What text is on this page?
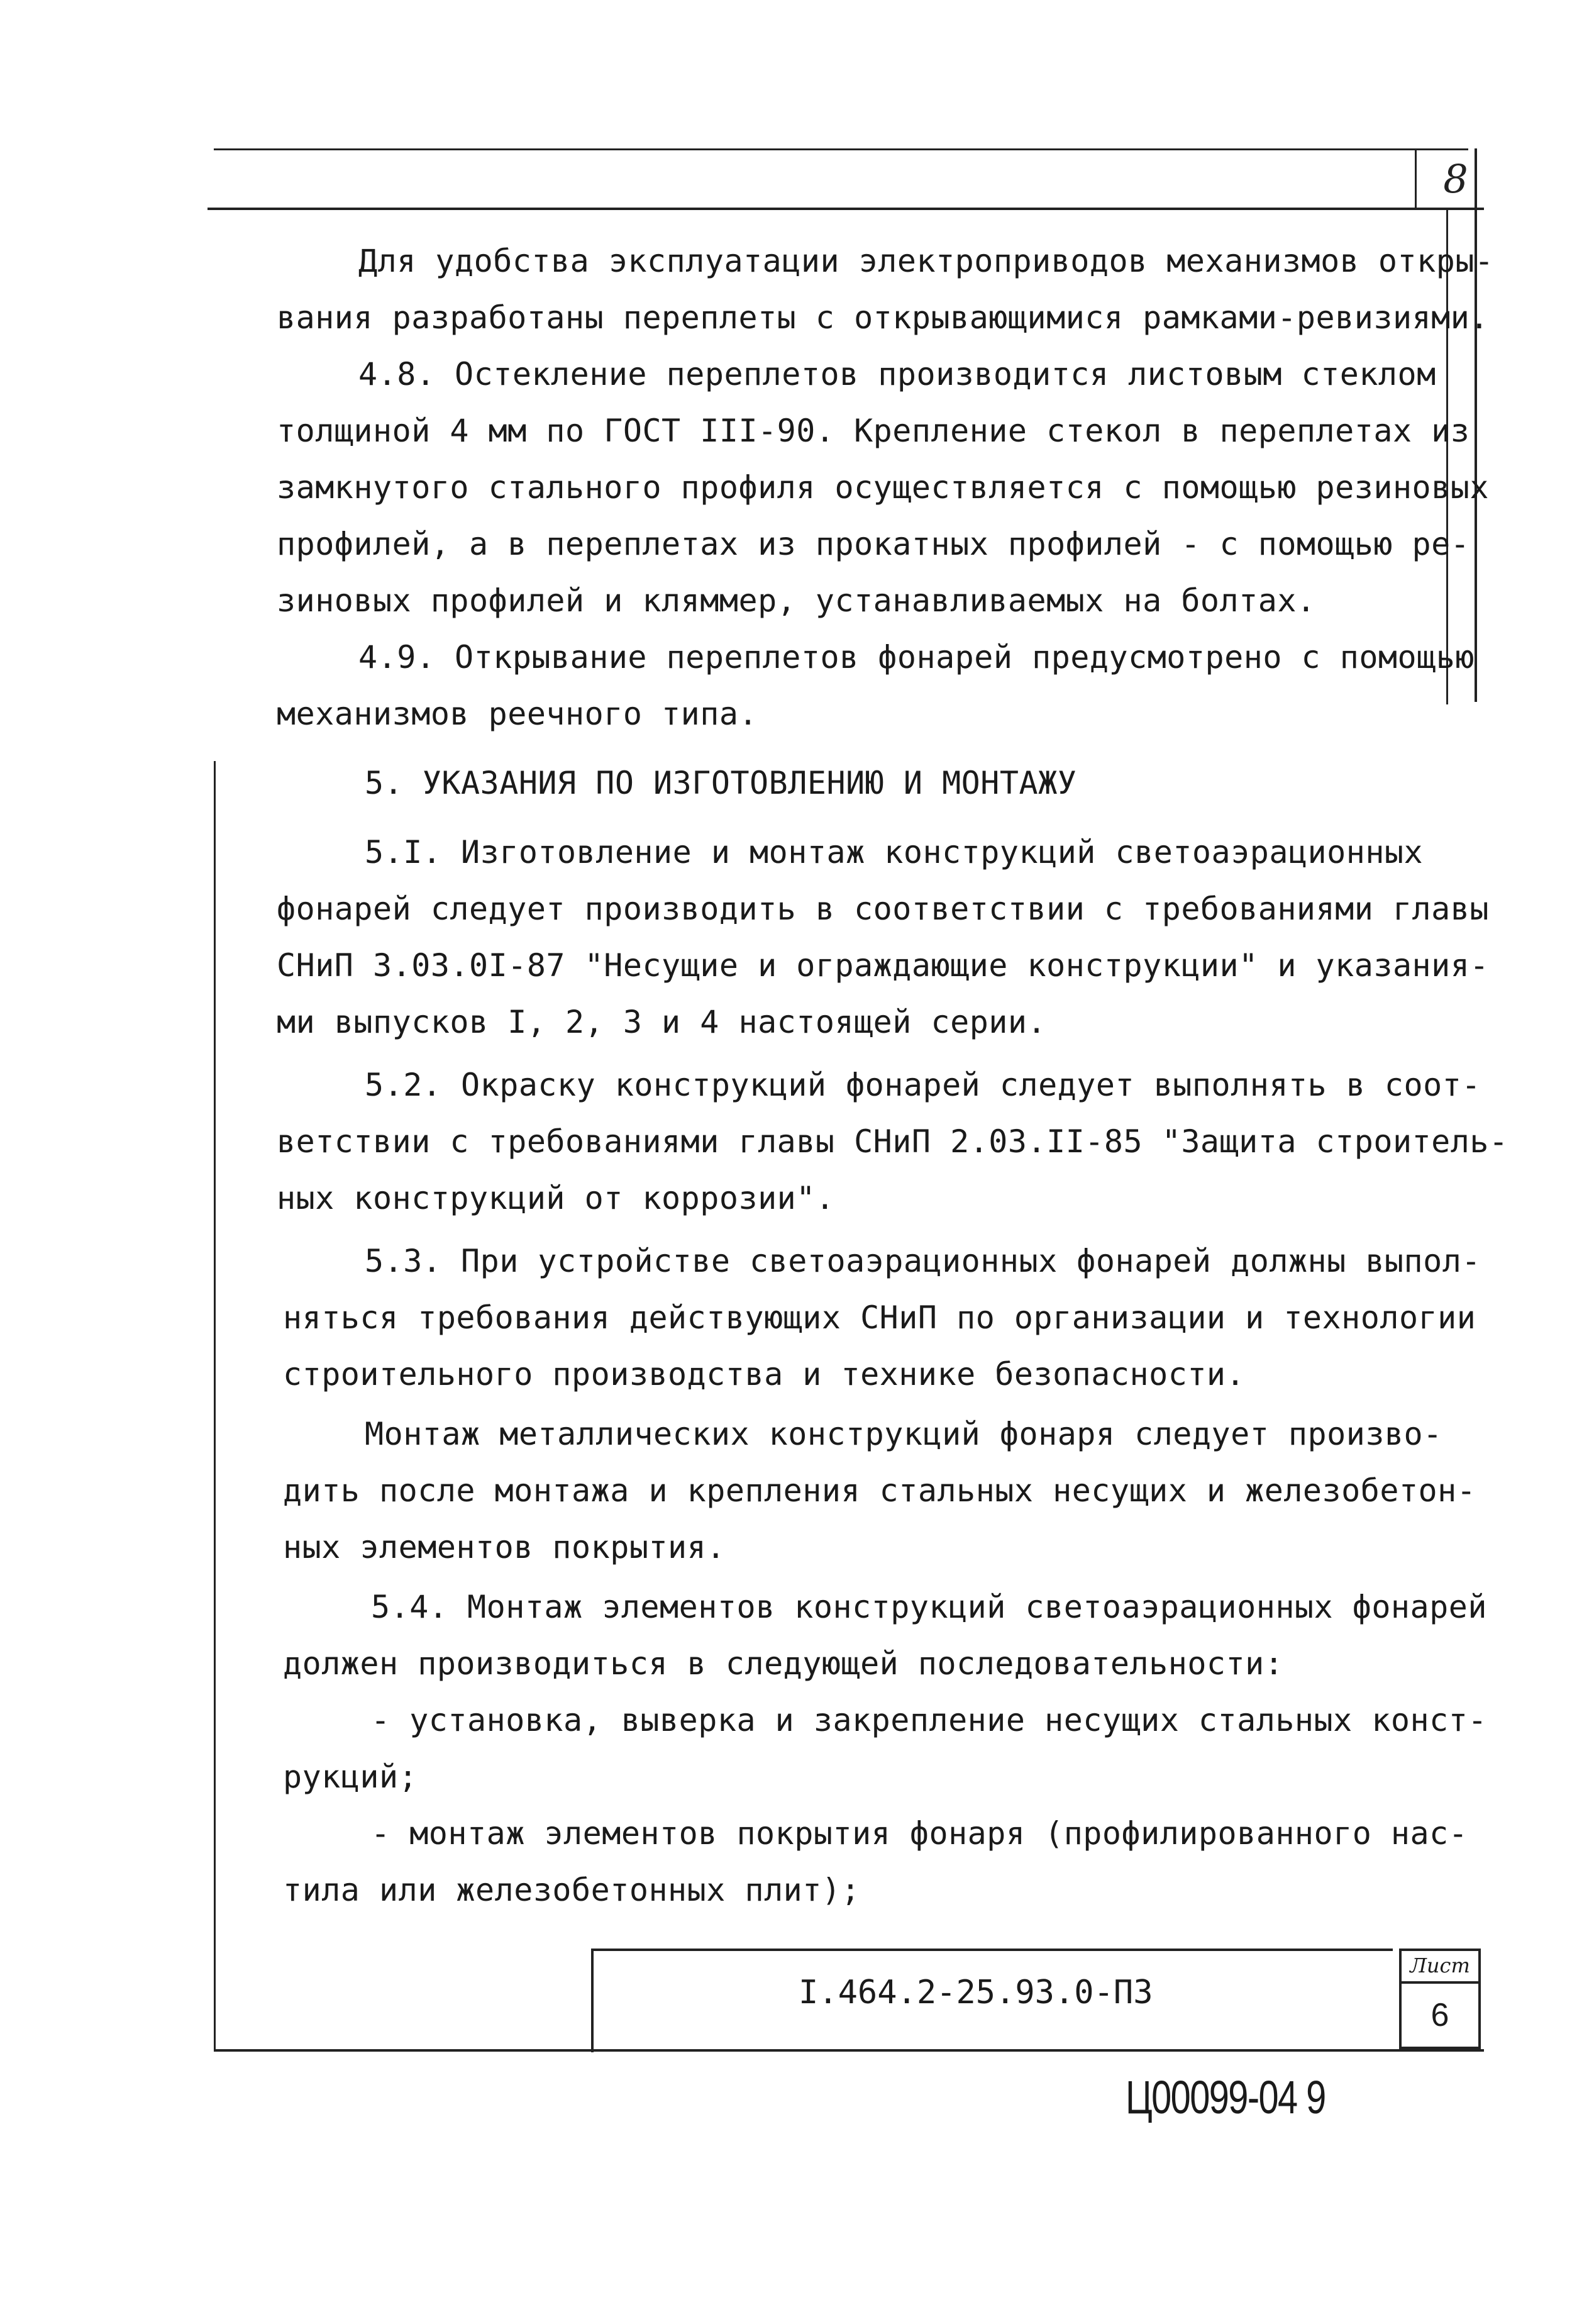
8
Для удобства эксплуатации электроприводов механизмов откры-
вания разработаны переплеты с открывающимися рамками-ревизиями.
4.8. Остекление переплетов производится листовым стеклом
толщиной 4 мм по ГОСТ III-90. Крепление стекол в переплетах из
замкнутого стального профиля осуществляется с помощью резиновых
профилей, а в переплетах из прокатных профилей - с помощью ре-
зиновых профилей и кляммер, устанавливаемых на болтах.
4.9. Открывание переплетов фонарей предусмотрено с помощью
механизмов реечного типа.
5. УКАЗАНИЯ ПО ИЗГОТОВЛЕНИЮ И МОНТАЖУ
5.I. Изготовление и монтаж конструкций светоаэрационных
фонарей следует производить в соответствии с требованиями главы
СНиП 3.03.0I-87 "Несущие и ограждающие конструкции" и указания-
ми выпусков I, 2, 3 и 4 настоящей серии.
5.2. Окраску конструкций фонарей следует выполнять в соот-
ветствии с требованиями главы СНиП 2.03.II-85 "Защита строитель-
ных конструкций от коррозии".
5.3. При устройстве светоаэрационных фонарей должны выпол-
няться требования действующих СНиП по организации и технологии
строительного производства и технике безопасности.
Монтаж металлических конструкций фонаря следует произво-
дить после монтажа и крепления стальных несущих и железобетон-
ных элементов покрытия.
5.4. Монтаж элементов конструкций светоаэрационных фонарей
должен производиться в следующей последовательности:
- установка, выверка и закрепление несущих стальных конст-
рукций;
- монтаж элементов покрытия фонаря (профилированного нас-
тила или железобетонных плит);
I.464.2-25.93.0-ПЗ
Лист
6
Ц00099-04 9
